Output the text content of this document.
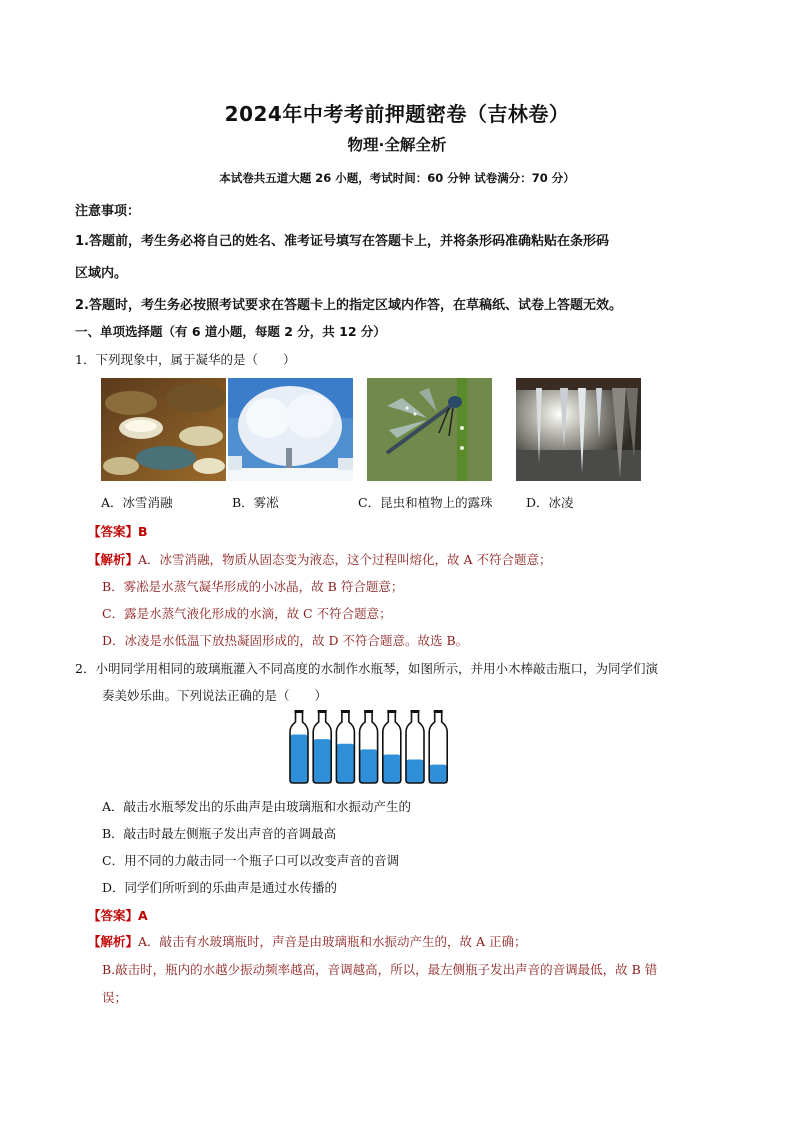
2024年中考考前押题密卷（吉林卷）
物理·全解全析
本试卷共五道大题 26 小题，考试时间：60 分钟 试卷满分：70 分）
注意事项：
1.答题前，考生务必将自己的姓名、准考证号填写在答题卡上，并将条形码准确粘贴在条形码
区域内。
2.答题时，考生务必按照考试要求在答题卡上的指定区域内作答，在草稿纸、试卷上答题无效。
一、单项选择题（有 6 道小题，每题 2 分，共 12 分）
1．下列现象中，属于凝华的是（　　）
A．冰雪消融	B．雾凇	C．昆虫和植物上的露珠	D．冰凌
【答案】B
【解析】A．冰雪消融，物质从固态变为液态，这个过程叫熔化，故 A 不符合题意；
B．雾凇是水蒸气凝华形成的小冰晶，故 B 符合题意；
C．露是水蒸气液化形成的水滴，故 C 不符合题意；
D．冰凌是水低温下放热凝固形成的，故 D 不符合题意。故选 B。
2．小明同学用相同的玻璃瓶灌入不同高度的水制作水瓶琴，如图所示，并用小木棒敲击瓶口，为同学们演
奏美妙乐曲。下列说法正确的是（　　）
A．敲击水瓶琴发出的乐曲声是由玻璃瓶和水振动产生的
B．敲击时最左侧瓶子发出声音的音调最高
C．用不同的力敲击同一个瓶子口可以改变声音的音调
D．同学们所听到的乐曲声是通过水传播的
【答案】A
【解析】A．敲击有水玻璃瓶时，声音是由玻璃瓶和水振动产生的，故 A 正确；
B.敲击时，瓶内的水越少振动频率越高，音调越高，所以，最左侧瓶子发出声音的音调最低，故 B 错
误；
